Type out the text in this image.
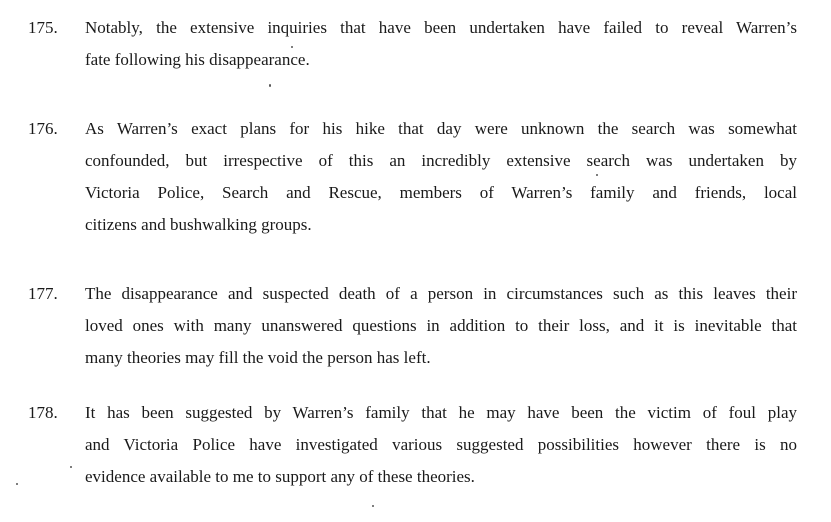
175. Notably, the extensive inquiries that have been undertaken have failed to reveal Warren’s
fate following his disappearance.
176. As Warren’s exact plans for his hike that day were unknown the search was somewhat
confounded, but irrespective of this an incredibly extensive search was undertaken by
Victoria Police, Search and Rescue, members of Warren’s family and friends, local
citizens and bushwalking groups.
177. The disappearance and suspected death of a person in circumstances such as this leaves their
loved ones with many unanswered questions in addition to their loss, and it is inevitable that
many theories may fill the void the person has left.
178. It has been suggested by Warren’s family that he may have been the victim of foul play
and Victoria Police have investigated various suggested possibilities however there is no
evidence available to me to support any of these theories.
